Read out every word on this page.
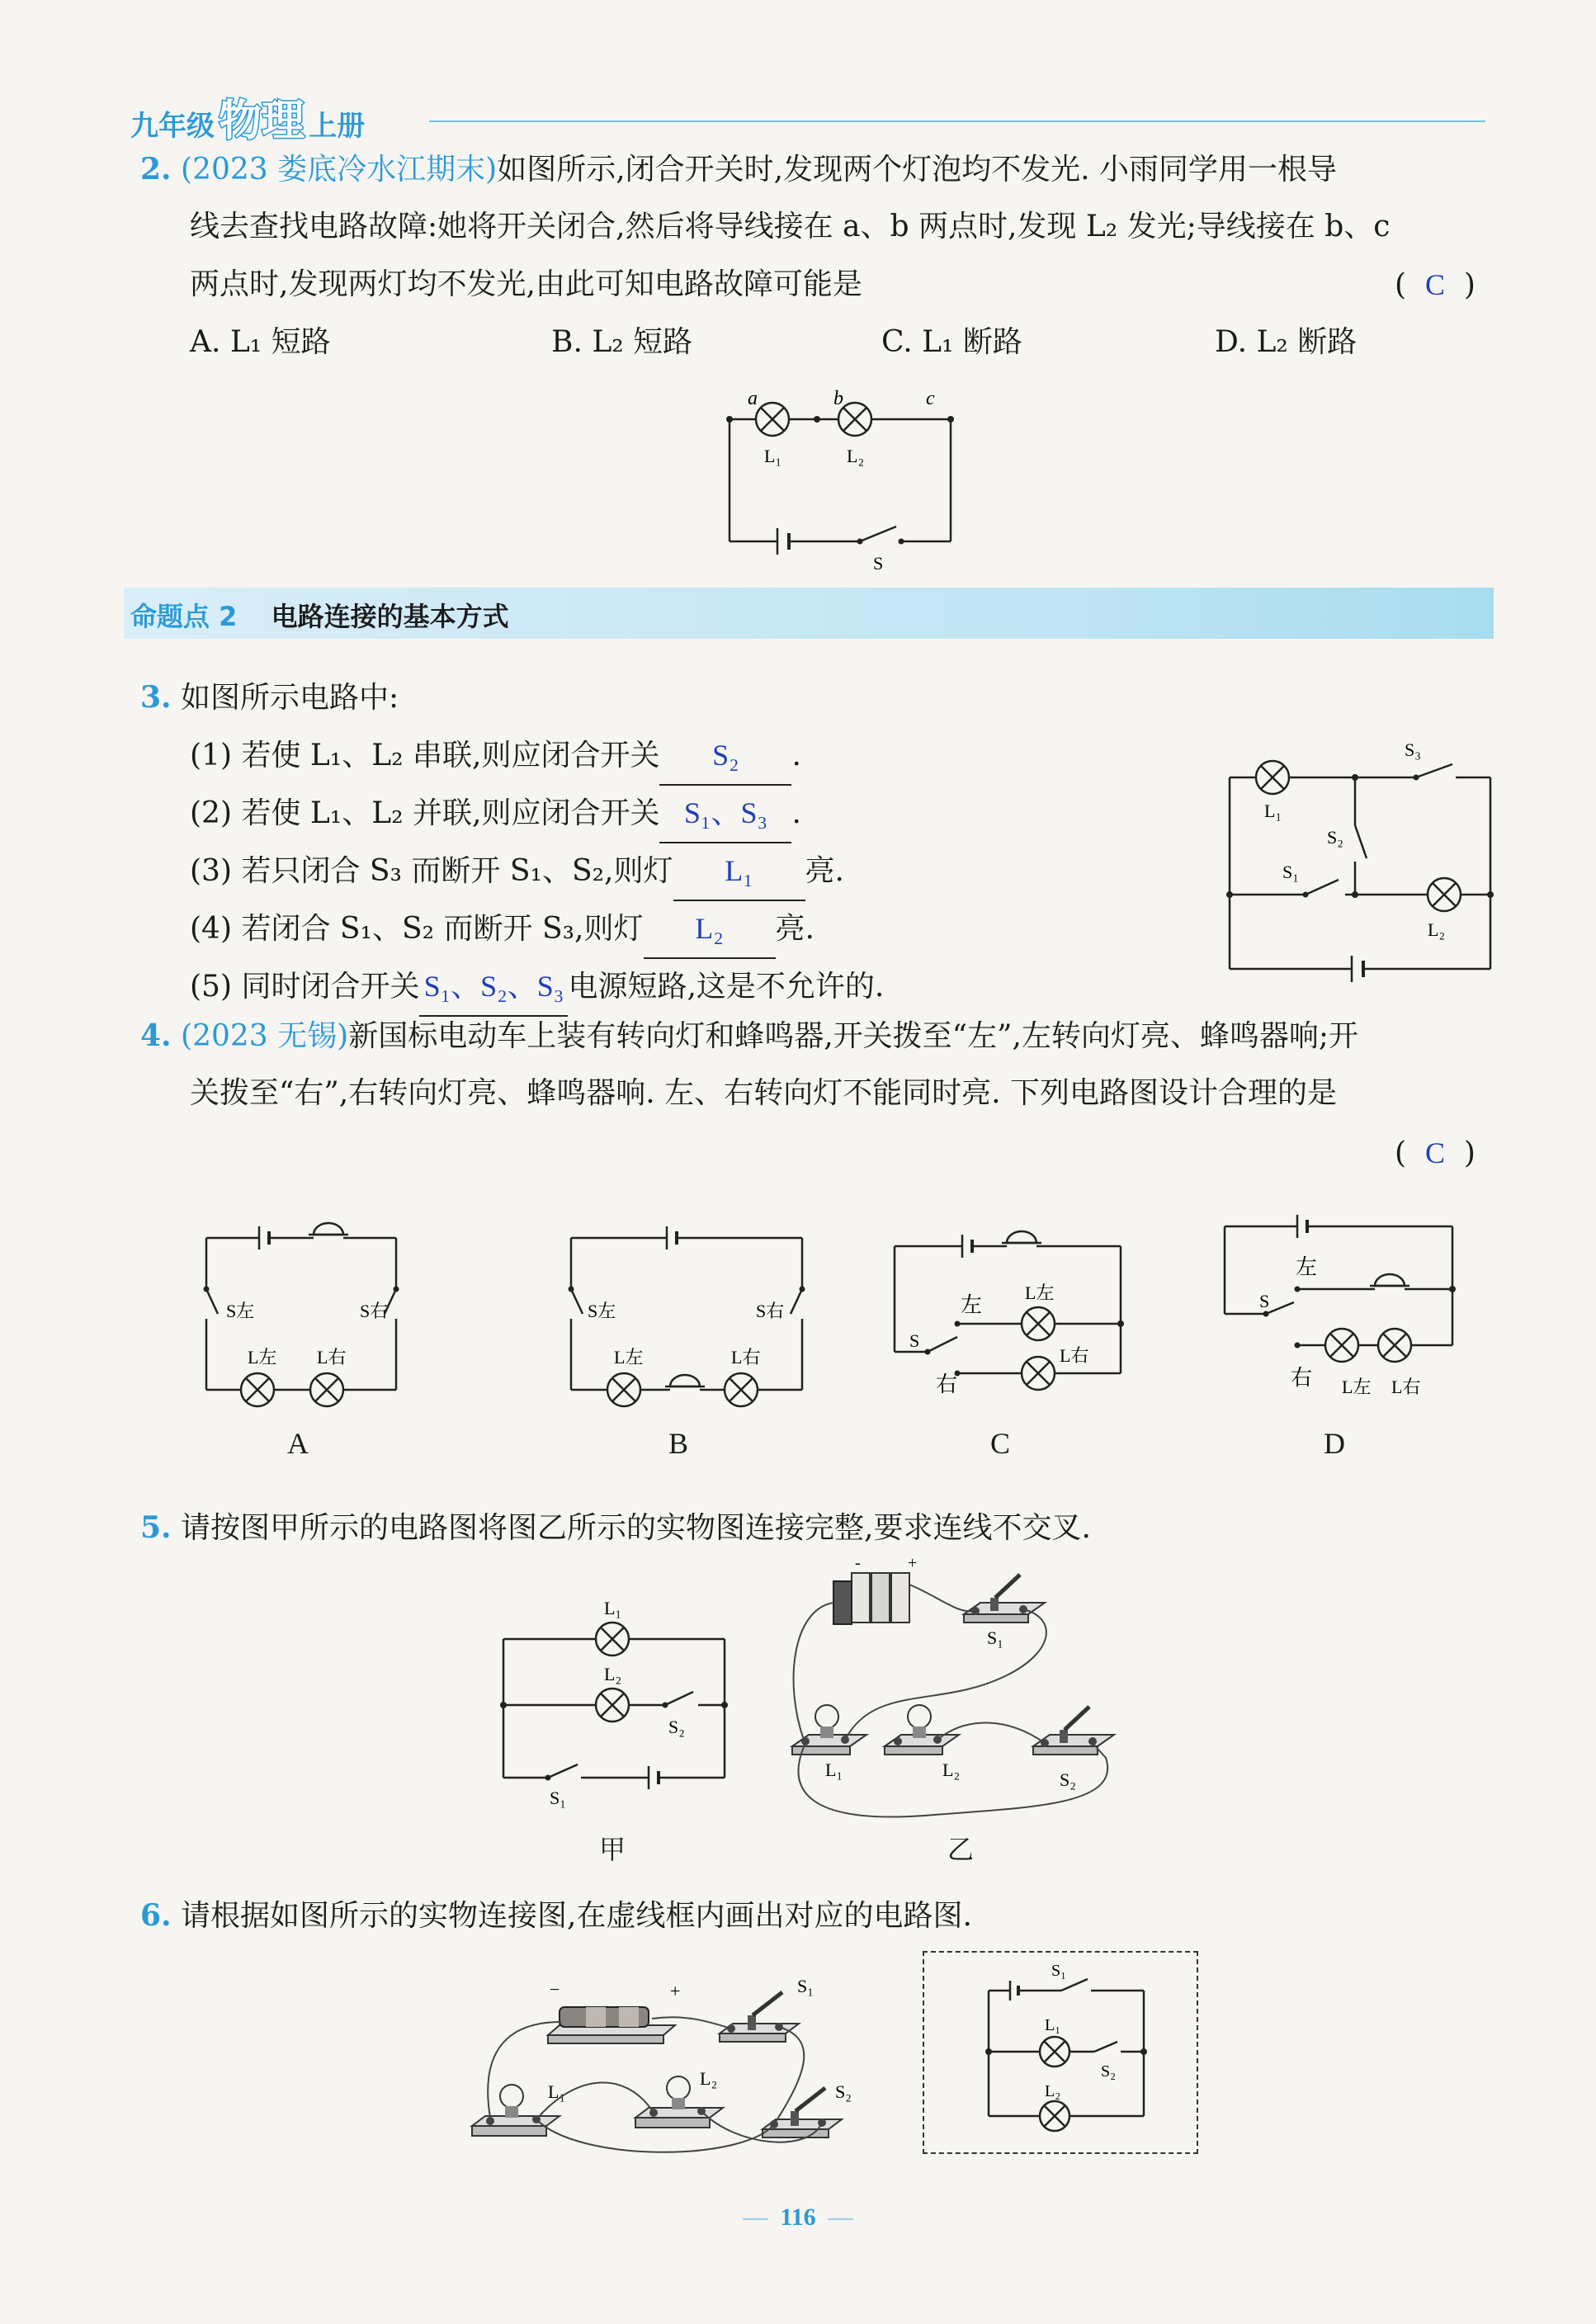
九年级 物理 上册
2. (2023 娄底冷水江期末)如图所示,闭合开关时,发现两个灯泡均不发光. 小雨同学用一根导
线去查找电路故障:她将开关闭合,然后将导线接在 a、b 两点时,发现 L₂ 发光;导线接在 b、c
两点时,发现两灯均不发光,由此可知电路故障可能是	(  C  )
A. L₁ 短路	B. L₂ 短路	C. L₁ 断路	D. L₂ 断路
a	b	c
L₁	L₂
S
命题点 2 电路连接的基本方式
3. 如图所示电路中:
(1) 若使 L₁、L₂ 串联,则应闭合开关 S₂ .
(2) 若使 L₁、L₂ 并联,则应闭合开关 S₁、S₃ .
(3) 若只闭合 S₃ 而断开 S₁、S₂,则灯 L₁ 亮.
(4) 若闭合 S₁、S₂ 而断开 S₃,则灯 L₂ 亮.
(5) 同时闭合开关 S₁、S₂、S₃ 电源短路,这是不允许的.
S₃
L₁
S₂
S₁
L₂
4. (2023 无锡)新国标电动车上装有转向灯和蜂鸣器,开关拨至“左”,左转向灯亮、蜂鸣器响;开
关拨至“右”,右转向灯亮、蜂鸣器响. 左、右转向灯不能同时亮. 下列电路图设计合理的是
(  C  )
S左	S右
L左 L右
A
S左	S右
L左	L右
B
左
L左
S
右
L右
C
左
S
右 L左 L右
D
5. 请按图甲所示的电路图将图乙所示的实物图连接完整,要求连线不交叉.
L₁
L₂
S₂
S₁
甲
-	+
S₁
L₁	L₂	S₂
乙
6. 请根据如图所示的实物连接图,在虚线框内画出对应的电路图.
−	+	S₁
L₁
L₂
S₂
S₁
L₁
S₂
L₂
—  116  —
